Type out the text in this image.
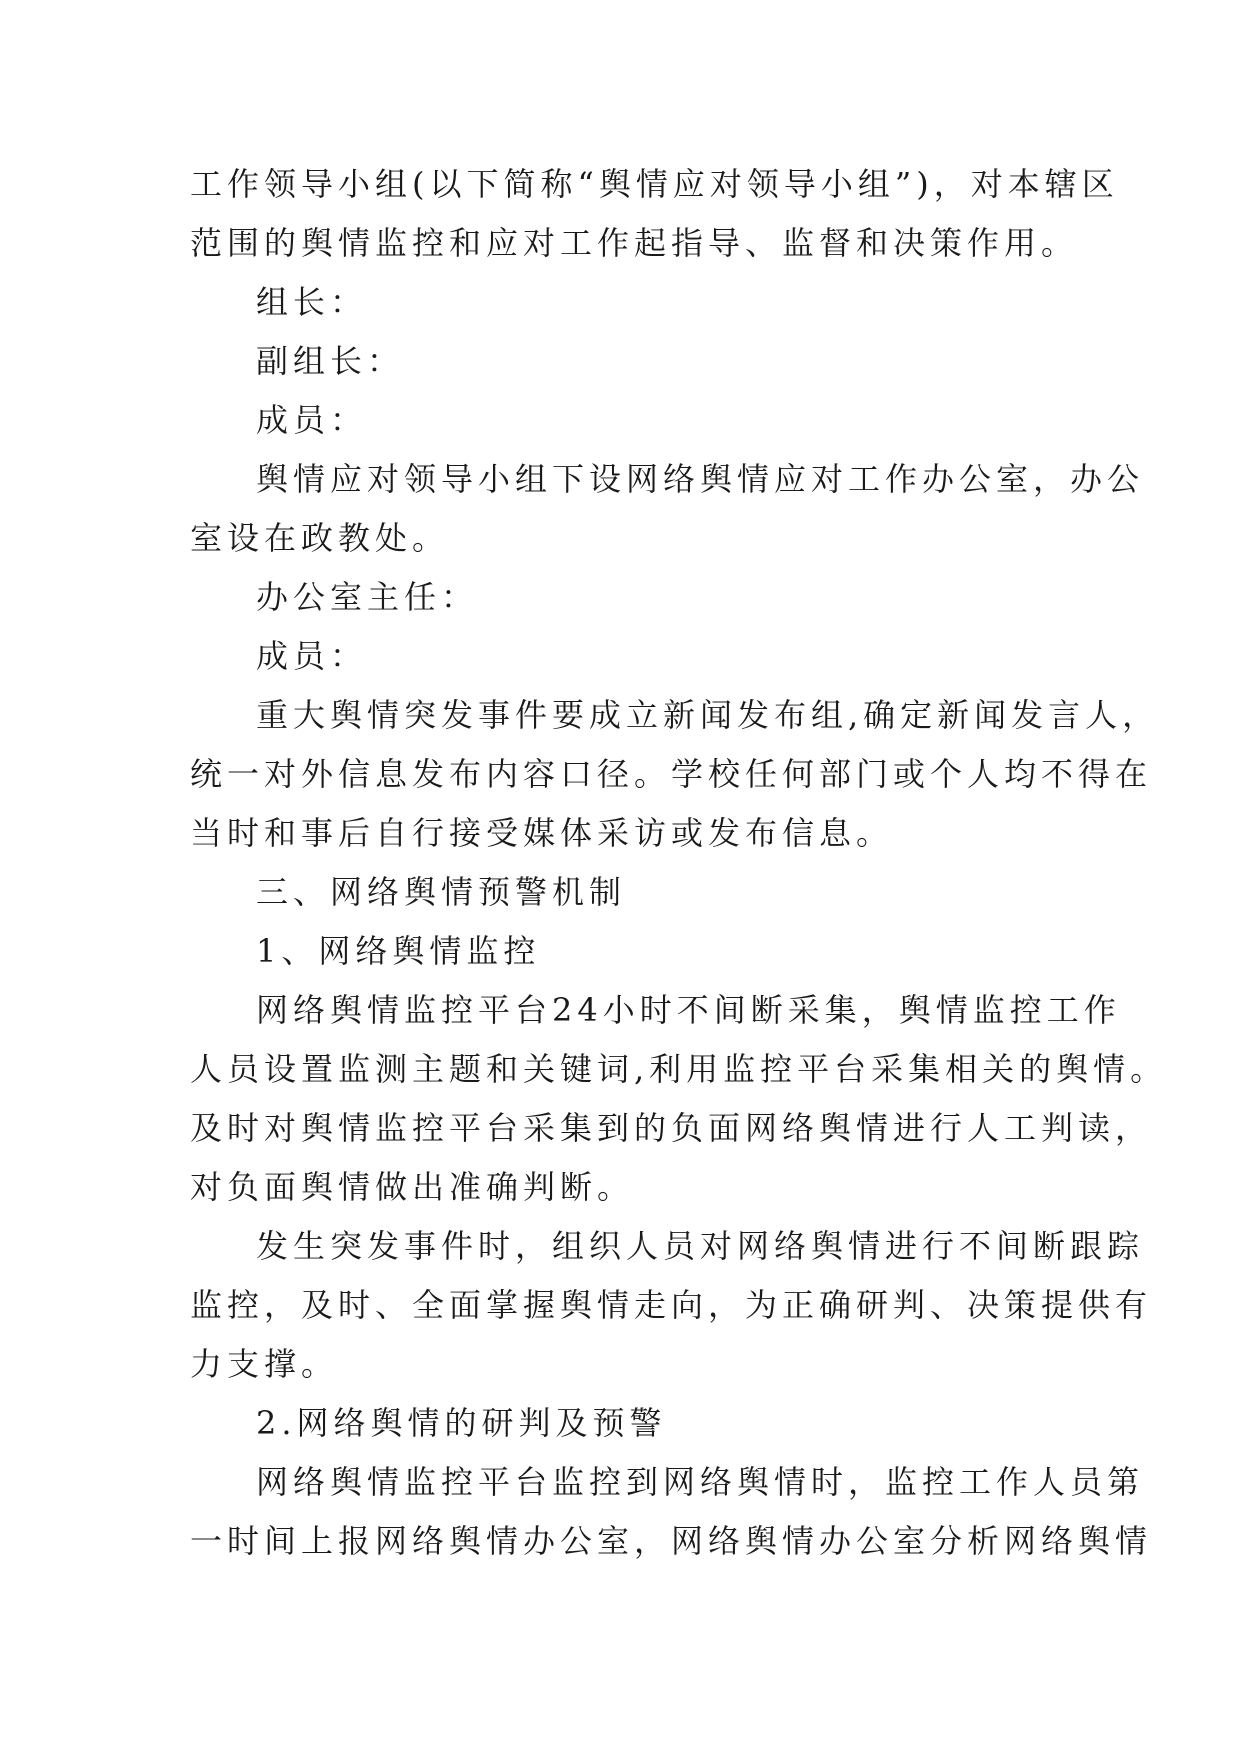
工作领导小组(以下简称“舆情应对领导小组”)，对本辖区
范围的舆情监控和应对工作起指导、监督和决策作用。
组长：
副组长：
成员：
舆情应对领导小组下设网络舆情应对工作办公室，办公
室设在政教处。
办公室主任：
成员：
重大舆情突发事件要成立新闻发布组,确定新闻发言人，
统一对外信息发布内容口径。学校任何部门或个人均不得在
当时和事后自行接受媒体采访或发布信息。
三、网络舆情预警机制
1、网络舆情监控
网络舆情监控平台24小时不间断采集，舆情监控工作
人员设置监测主题和关键词,利用监控平台采集相关的舆情。
及时对舆情监控平台采集到的负面网络舆情进行人工判读，
对负面舆情做出准确判断。
发生突发事件时，组织人员对网络舆情进行不间断跟踪
监控，及时、全面掌握舆情走向，为正确研判、决策提供有
力支撑。
2.网络舆情的研判及预警
网络舆情监控平台监控到网络舆情时，监控工作人员第
一时间上报网络舆情办公室，网络舆情办公室分析网络舆情
